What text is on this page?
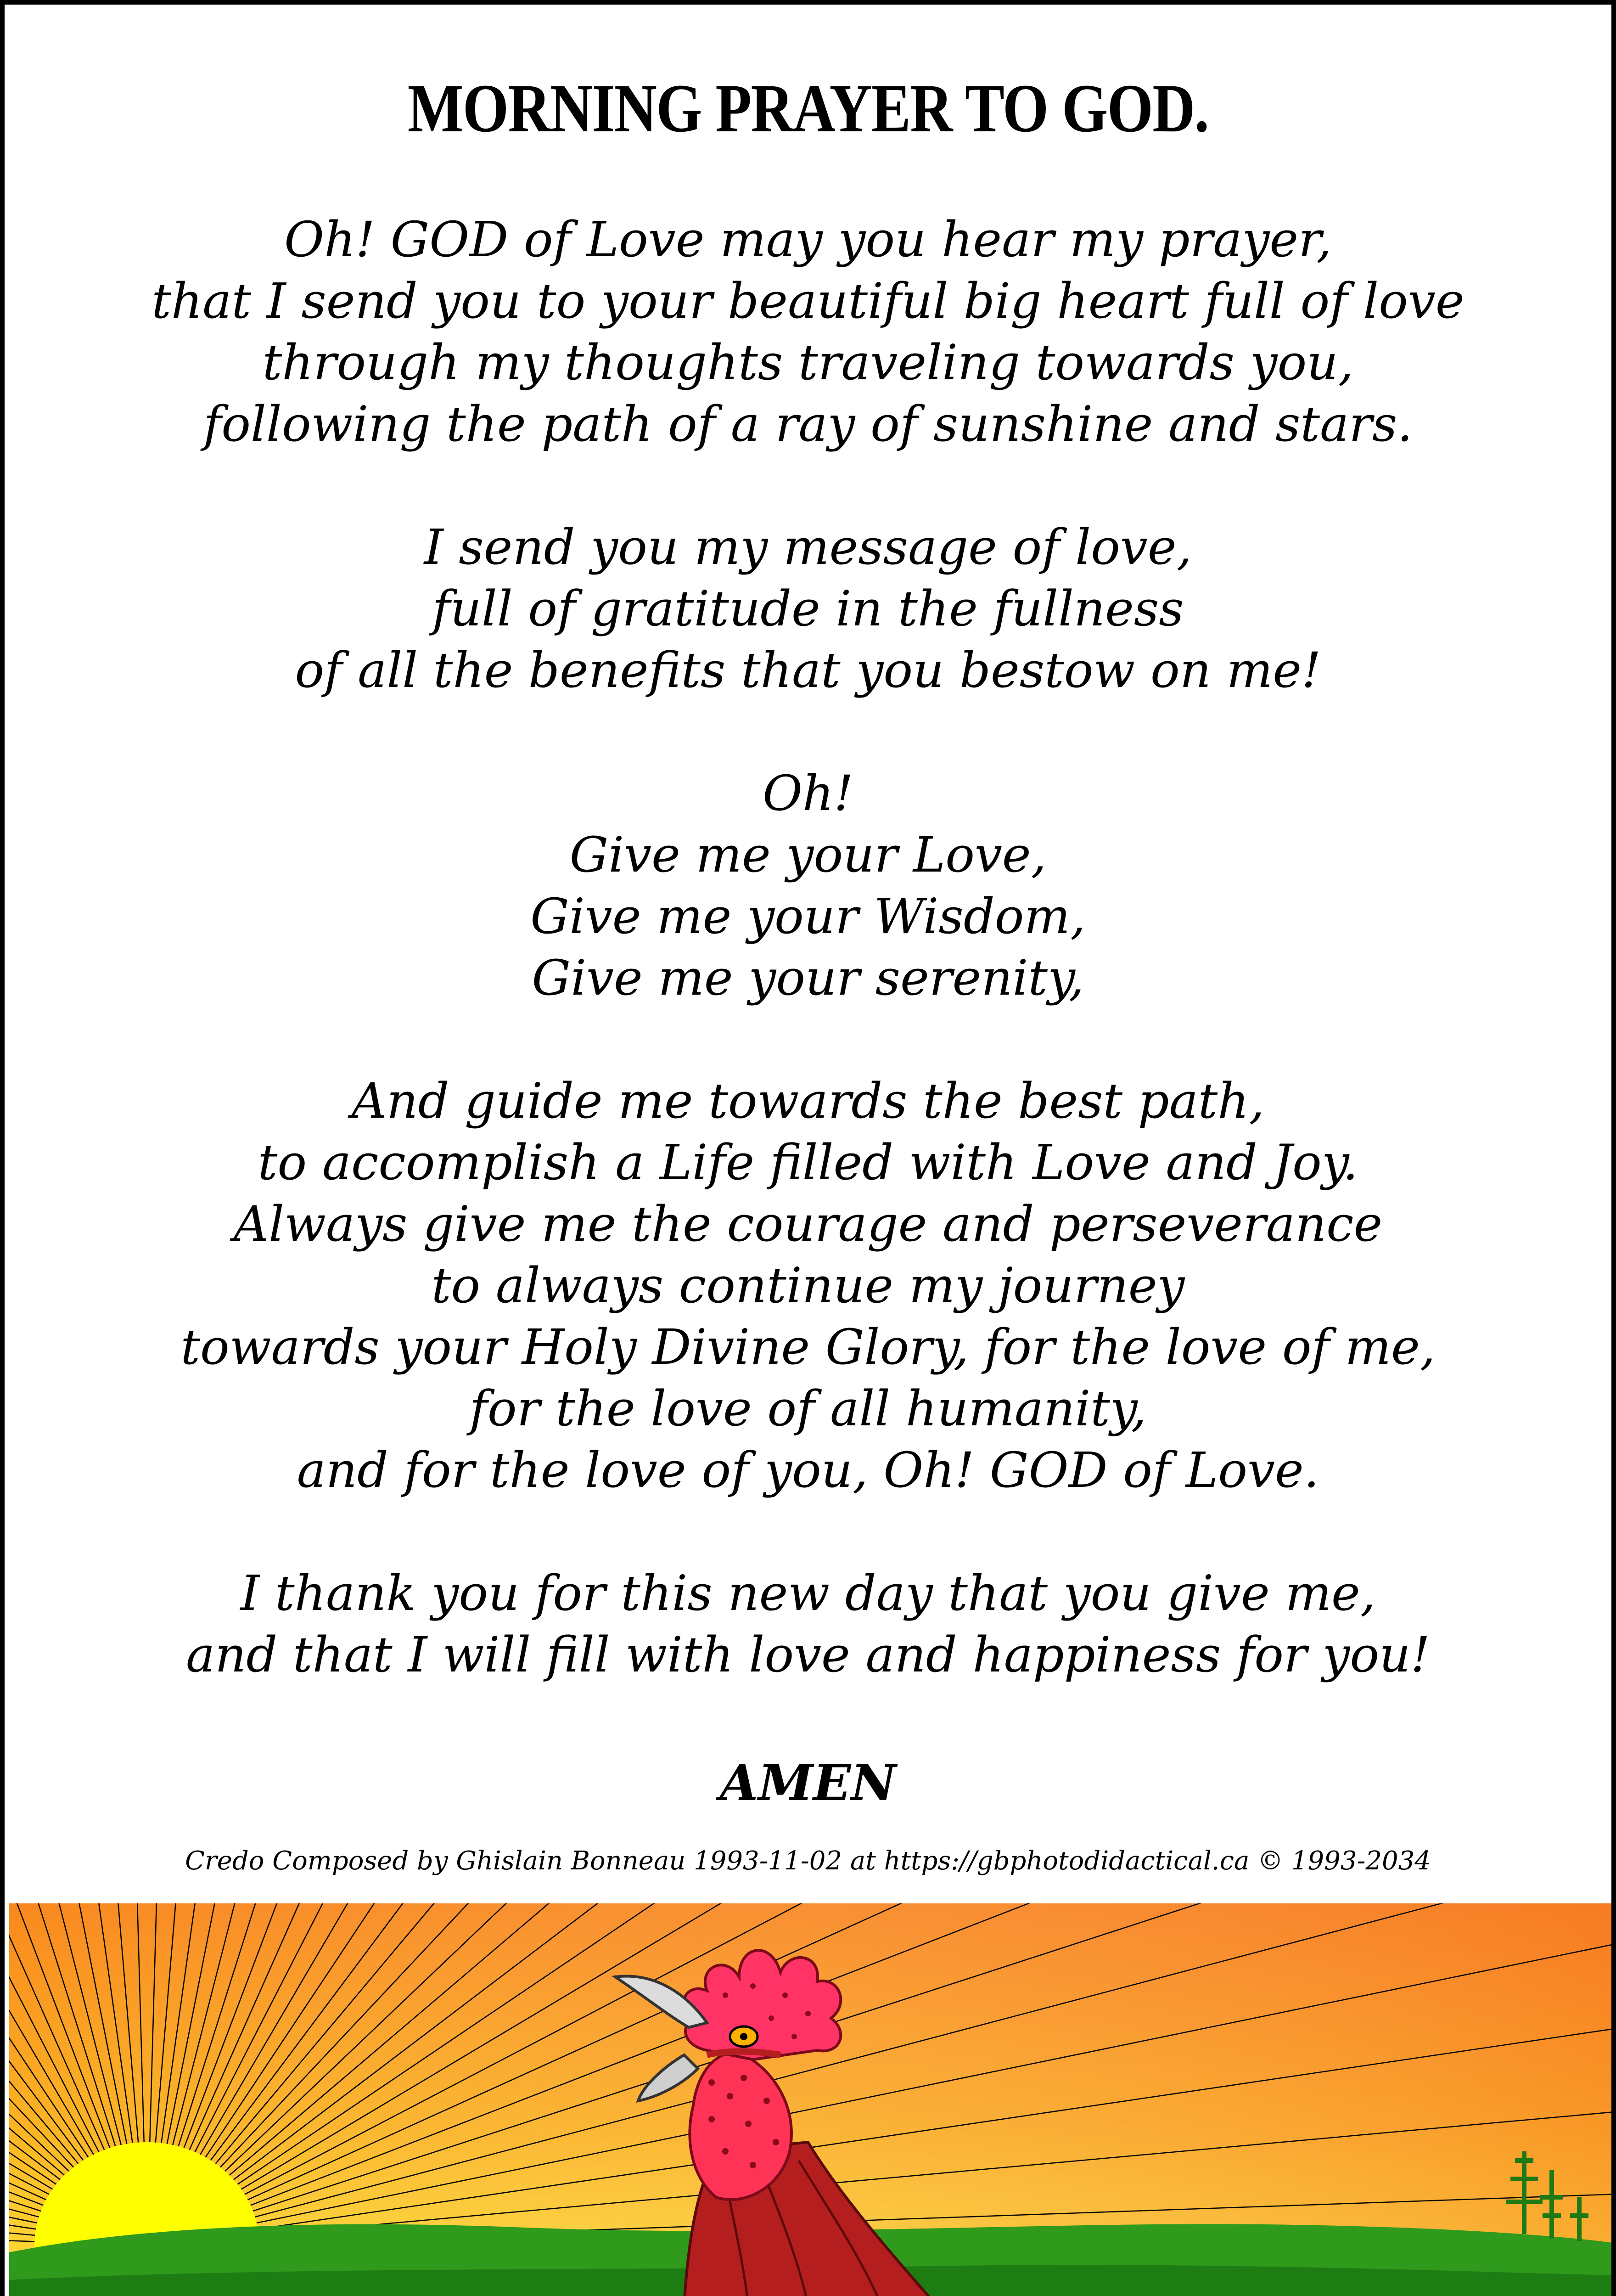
MORNING PRAYER TO GOD.
Oh! GOD of Love may you hear my prayer,
that I send you to your beautiful big heart full of love
through my thoughts traveling towards you,
following the path of a ray of sunshine and stars.
I send you my message of love,
full of gratitude in the fullness
of all the benefits that you bestow on me!
Oh!
Give me your Love,
Give me your Wisdom,
Give me your serenity,
And guide me towards the best path,
to accomplish a Life filled with Love and Joy.
Always give me the courage and perseverance
to always continue my journey
towards your Holy Divine Glory, for the love of me,
for the love of all humanity,
and for the love of you, Oh! GOD of Love.
I thank you for this new day that you give me,
and that I will fill with love and happiness for you!
AMEN
Credo Composed by Ghislain Bonneau 1993-11-02 at https://gbphotodidactical.ca © 1993-2034
